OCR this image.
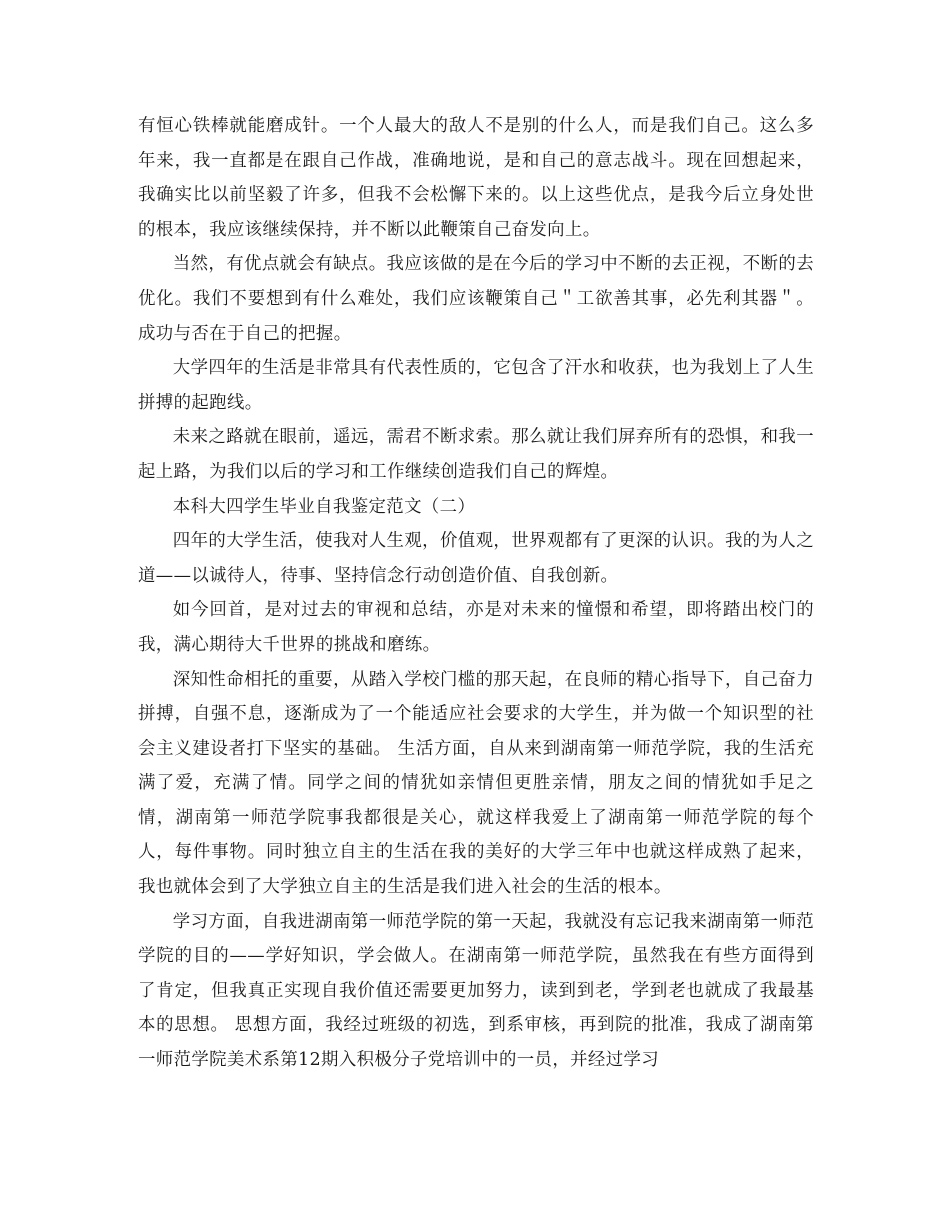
有恒心铁棒就能磨成针。一个人最大的敌人不是别的什么人，而是我们自己。这么多年来，我一直都是在跟自己作战，准确地说，是和自己的意志战斗。现在回想起来，我确实比以前坚毅了许多，但我不会松懈下来的。以上这些优点，是我今后立身处世的根本，我应该继续保持，并不断以此鞭策自己奋发向上。

当然，有优点就会有缺点。我应该做的是在今后的学习中不断的去正视，不断的去优化。我们不要想到有什么难处，我们应该鞭策自己＂工欲善其事，必先利其器＂。成功与否在于自己的把握。

大学四年的生活是非常具有代表性质的，它包含了汗水和收获，也为我划上了人生拼搏的起跑线。

未来之路就在眼前，遥远，需君不断求索。那么就让我们屏弃所有的恐惧，和我一起上路，为我们以后的学习和工作继续创造我们自己的辉煌。

本科大四学生毕业自我鉴定范文（二）

四年的大学生活，使我对人生观，价值观，世界观都有了更深的认识。我的为人之道——以诚待人，待事、坚持信念行动创造价值、自我创新。

如今回首，是对过去的审视和总结，亦是对未来的憧憬和希望，即将踏出校门的我，满心期待大千世界的挑战和磨练。

深知性命相托的重要，从踏入学校门槛的那天起，在良师的精心指导下，自己奋力拼搏，自强不息，逐渐成为了一个能适应社会要求的大学生，并为做一个知识型的社会主义建设者打下坚实的基础。 生活方面，自从来到湖南第一师范学院，我的生活充满了爱，充满了情。同学之间的情犹如亲情但更胜亲情，朋友之间的情犹如手足之情，湖南第一师范学院事我都很是关心，就这样我爱上了湖南第一师范学院的每个人，每件事物。同时独立自主的生活在我的美好的大学三年中也就这样成熟了起来，我也就体会到了大学独立自主的生活是我们进入社会的生活的根本。

学习方面，自我进湖南第一师范学院的第一天起，我就没有忘记我来湖南第一师范学院的目的——学好知识，学会做人。在湖南第一师范学院，虽然我在有些方面得到了肯定，但我真正实现自我价值还需要更加努力，读到到老，学到老也就成了我最基本的思想。 思想方面，我经过班级的初选，到系审核，再到院的批准，我成了湖南第一师范学院美术系第12期入积极分子党培训中的一员，并经过学习
